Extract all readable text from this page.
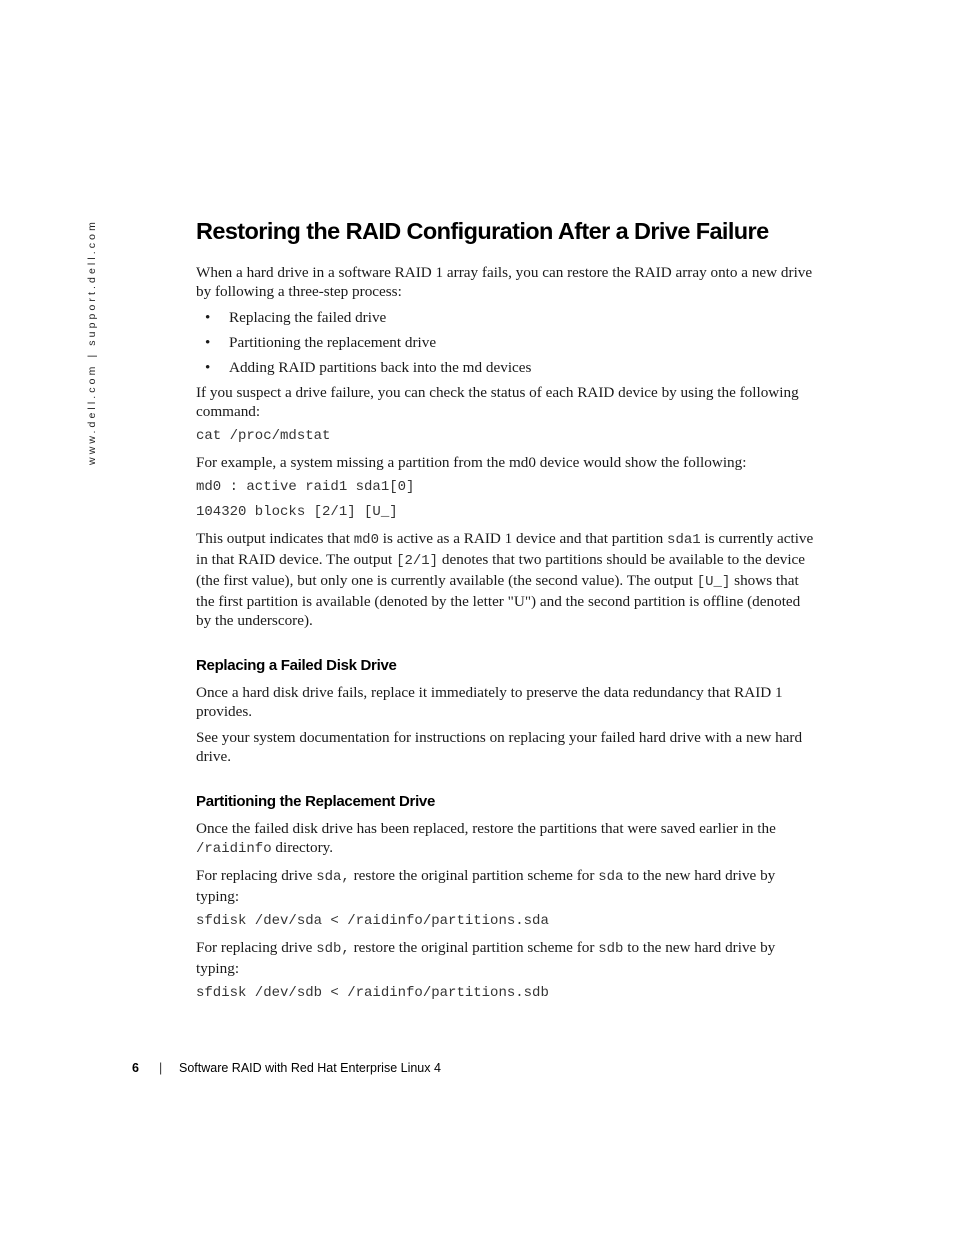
www.dell.com | support.dell.com	Restoring the RAID Configuration After a Drive Failure

When a hard drive in a software RAID 1 array fails, you can restore the RAID array onto a new drive by following a three-step process:

• Replacing the failed drive
• Partitioning the replacement drive
• Adding RAID partitions back into the md devices

If you suspect a drive failure, you can check the status of each RAID device by using the following command:

cat /proc/mdstat

For example, a system missing a partition from the md0 device would show the following:

md0 : active raid1 sda1[0]
104320 blocks [2/1] [U_]

This output indicates that md0 is active as a RAID 1 device and that partition sda1 is currently active in that RAID device. The output [2/1] denotes that two partitions should be available to the device (the first value), but only one is currently available (the second value). The output [U_] shows that the first partition is available (denoted by the letter "U") and the second partition is offline (denoted by the underscore).

Replacing a Failed Disk Drive

Once a hard disk drive fails, replace it immediately to preserve the data redundancy that RAID 1 provides.

See your system documentation for instructions on replacing your failed hard drive with a new hard drive.

Partitioning the Replacement Drive

Once the failed disk drive has been replaced, restore the partitions that were saved earlier in the /raidinfo directory.

For replacing drive sda, restore the original partition scheme for sda to the new hard drive by typing:

sfdisk /dev/sda < /raidinfo/partitions.sda

For replacing drive sdb, restore the original partition scheme for sdb to the new hard drive by typing:

sfdisk /dev/sdb < /raidinfo/partitions.sdb
6	|	Software RAID with Red Hat Enterprise Linux 4
